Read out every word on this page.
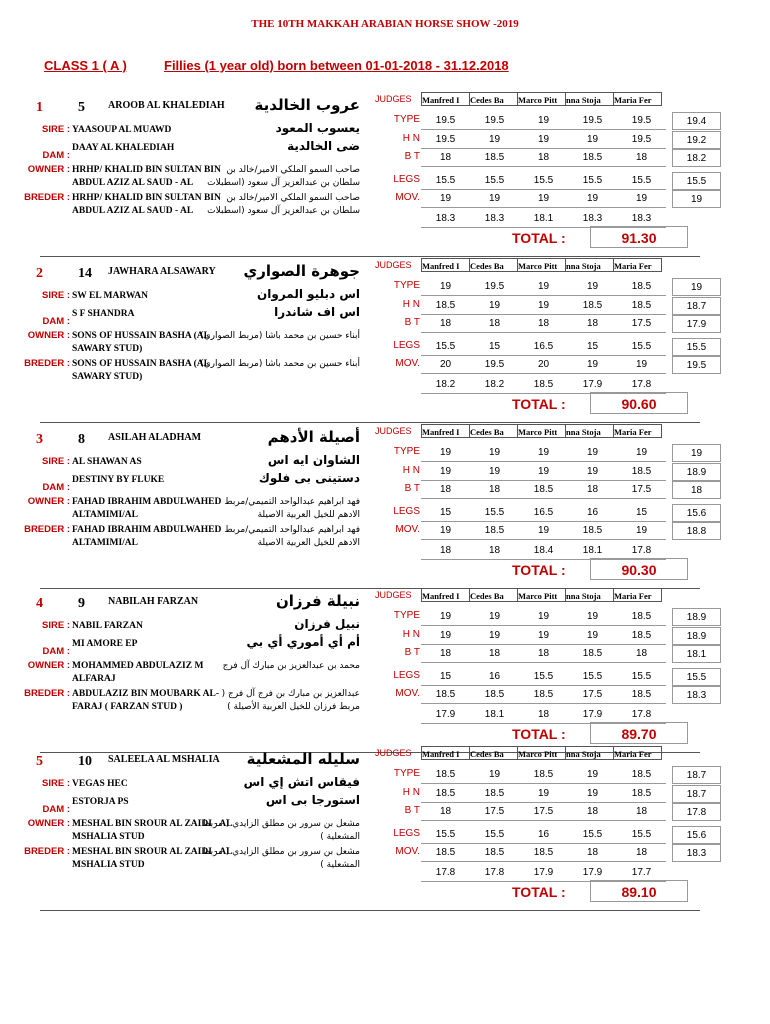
THE 10TH MAKKAH ARABIAN HORSE SHOW -2019
CLASS 1 ( A )	Fillies (1 year old) born between 01-01-2018 - 31.12.2018
1	5 AROOB AL KHALEDIAH	عروب الخالدية
SIRE : YAASOUP AL MUAWD	يعسوب المعود
DAM :
DAAY AL KHALEDIAH	ضى الخالدية
OWNER : HRHP/ KHALID BIN SULTAN BIN ABDUL AZIZ AL SAUD - AL
صاحب السمو الملكي الامير/خالد بن سلطان بن عبدالعزيز آل سعود (اسطبلات
BREDER : HRHP/ KHALID BIN SULTAN BIN ABDUL AZIZ AL SAUD - AL
صاحب السمو الملكي الامير/خالد بن سلطان بن عبدالعزيز آل سعود (اسطبلات
JUDGES Manfred I	Cedes Ba	Marco Pitt	nna Stoja	Maria Fer
TYPE	19.5	19.5	19	19.5	19.5	19.4
H N	19.5	19	19	19	19.5	19.2
B T	18	18.5	18	18.5	18	18.2
LEGS	15.5	15.5	15.5	15.5	15.5	15.5
MOV.	19	19	19	19	19	19
18.3	18.3	18.1	18.3	18.3
TOTAL :	91.30
2	14 JAWHARA ALSAWARY	جوهرة الصواري
SIRE : SW EL MARWAN	اس دبليو المروان
DAM :
S F SHANDRA	اس اف شاندرا
OWNER : SONS OF HUSSAIN BASHA (AL SAWARY STUD)
أبناء حسين بن محمد باشا (مربط الصواري)
BREDER : SONS OF HUSSAIN BASHA (AL SAWARY STUD)
أبناء حسين بن محمد باشا (مربط الصواري)
JUDGES Manfred I	Cedes Ba	Marco Pitt	nna Stoja	Maria Fer
TYPE	19	19.5	19	19	18.5	19
H N	18.5	19	19	18.5	18.5	18.7
B T	18	18	18	18	17.5	17.9
LEGS	15.5	15	16.5	15	15.5	15.5
MOV.	20	19.5	20	19	19	19.5
18.2	18.2	18.5	17.9	17.8
TOTAL :	90.60
3	8 ASILAH ALADHAM	أصيلة الأدهم
SIRE : AL SHAWAN AS	الشاوان ايه اس
DAM :
DESTINY BY FLUKE	دستينى بى فلوك
OWNER : FAHAD IBRAHIM ABDULWAHED ALTAMIMI/AL
فهد ابراهيم عبدالواحد التميمي/مربط الادهم للخيل العربية الاصيلة
BREDER : FAHAD IBRAHIM ABDULWAHED ALTAMIMI/AL
فهد ابراهيم عبدالواحد التميمي/مربط الادهم للخيل العربية الاصيلة
JUDGES Manfred I	Cedes Ba	Marco Pitt	nna Stoja	Maria Fer
TYPE	19	19	19	19	19	19
H N	19	19	19	19	18.5	18.9
B T	18	18	18.5	18	17.5	18
LEGS	15	15.5	16.5	16	15	15.6
MOV.	19	18.5	19	18.5	19	18.8
18	18	18.4	18.1	17.8
TOTAL :	90.30
4	9 NABILAH FARZAN	نبيلة فرزان
SIRE : NABIL FARZAN	نبيل فرزان
DAM :
MI AMORE EP	أم أي أموري أي بي
OWNER : MOHAMMED ABDULAZIZ M ALFARAJ
محمد بن عبدالعزيز بن مبارك آل فرج
BREDER : ABDULAZIZ BIN MOUBARK AL-FARAJ ( FARZAN STUD )
عبدالعزيز بن مبارك بن فرج آل فرج ( مربط فرزان للخيل العربية الأصيلة )
JUDGES Manfred I	Cedes Ba	Marco Pitt	nna Stoja	Maria Fer
TYPE	19	19	19	19	18.5	18.9
H N	19	19	19	19	18.5	18.9
B T	18	18	18	18.5	18	18.1
LEGS	15	16	15.5	15.5	15.5	15.5
MOV.	18.5	18.5	18.5	17.5	18.5	18.3
17.9	18.1	18	17.9	17.8
TOTAL :	89.70
5	10 SALEELA AL MSHALIA	سليله المشعلية
SIRE : VEGAS HEC	فيقاس اتش إي اس
DAM :
ESTORJA PS	استورجا بى اس
OWNER : MESHAL BIN SROUR AL ZAIDI - AL MSHALIA STUD
مشعل بن سرور بن مطلق الزايدي ( مربط المشعلية )
BREDER : MESHAL BIN SROUR AL ZAIDI - AL MSHALIA STUD
مشعل بن سرور بن مطلق الزايدي ( مربط المشعلية )
JUDGES Manfred I	Cedes Ba	Marco Pitt	nna Stoja	Maria Fer
TYPE	18.5	19	18.5	19	18.5	18.7
H N	18.5	18.5	19	19	18.5	18.7
B T	18	17.5	17.5	18	18	17.8
LEGS	15.5	15.5	16	15.5	15.5	15.6
MOV.	18.5	18.5	18.5	18	18	18.3
17.8	17.8	17.9	17.9	17.7
TOTAL :	89.10
